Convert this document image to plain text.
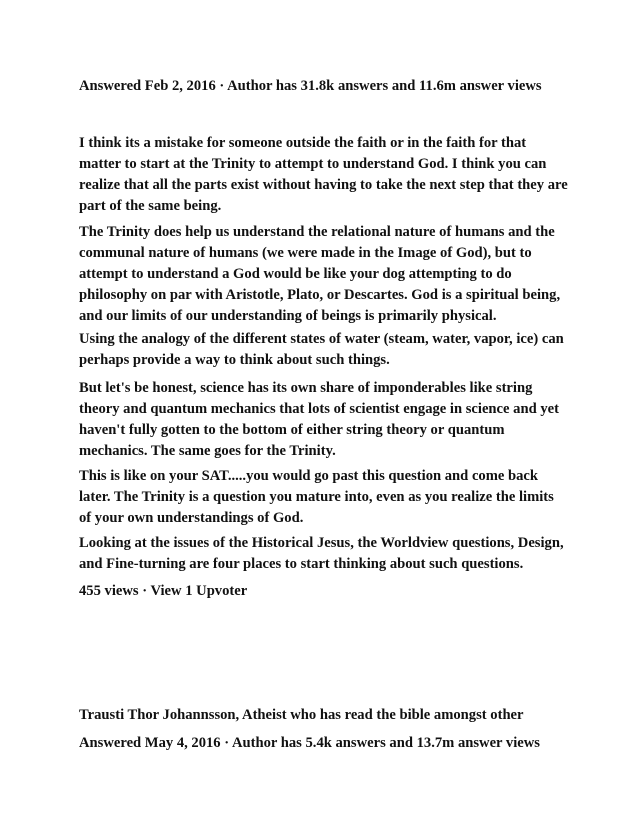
Answered Feb 2, 2016 · Author has 31.8k answers and 11.6m answer views

I think its a mistake for someone outside the faith or in the faith for that matter to start at the Trinity to attempt to understand God. I think you can realize that all the parts exist without having to take the next step that they are part of the same being.

The Trinity does help us understand the relational nature of humans and the communal nature of humans (we were made in the Image of God), but to attempt to understand a God would be like your dog attempting to do philosophy on par with Aristotle, Plato, or Descartes. God is a spiritual being, and our limits of our understanding of beings is primarily physical.

Using the analogy of the different states of water (steam, water, vapor, ice) can perhaps provide a way to think about such things.

But let's be honest, science has its own share of imponderables like string theory and quantum mechanics that lots of scientist engage in science and yet haven't fully gotten to the bottom of either string theory or quantum mechanics. The same goes for the Trinity.

This is like on your SAT.....you would go past this question and come back later. The Trinity is a question you mature into, even as you realize the limits of your own understandings of God.

Looking at the issues of the Historical Jesus, the Worldview questions, Design, and Fine-turning are four places to start thinking about such questions.

455 views · View 1 Upvoter

Trausti Thor Johannsson, Atheist who has read the bible amongst other

Answered May 4, 2016 · Author has 5.4k answers and 13.7m answer views
